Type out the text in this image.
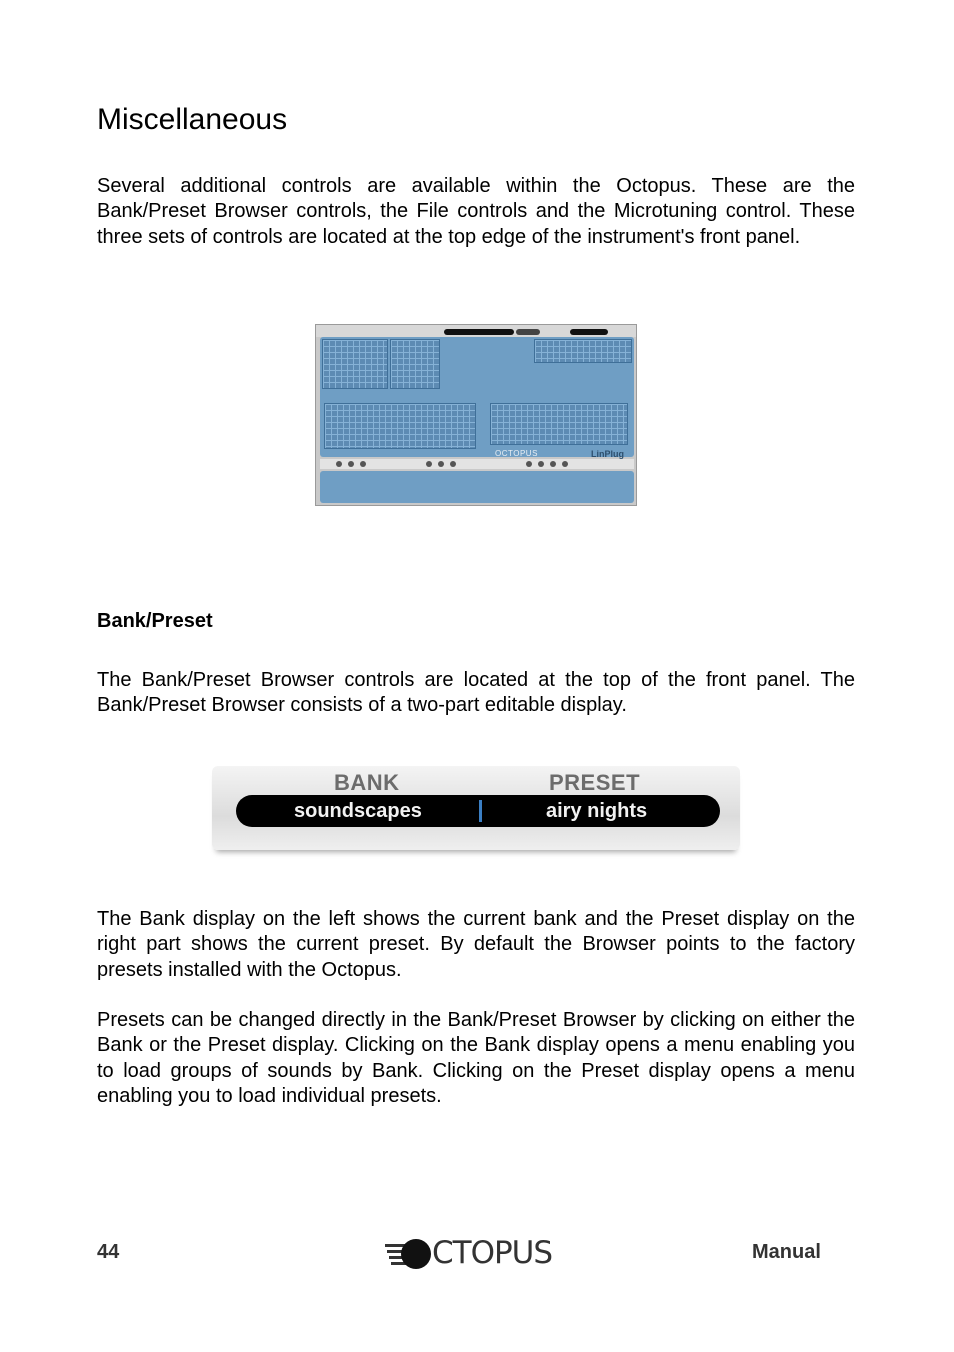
Miscellaneous

Several additional controls are available within the Octopus. These are the Bank/Preset Browser controls, the File controls and the Microtuning control. These three sets of controls are located at the top edge of the instrument's front panel.

OCTOPUS	LinPlug
Bank/Preset

The Bank/Preset Browser controls are located at the top of the front panel. The Bank/Preset Browser consists of a two-part editable display.

BANK	PRESET
soundscapes	airy nights

The Bank display on the left shows the current bank and the Preset display on the right part shows the current preset. By default the Browser points to the factory presets installed with the Octopus.

Presets can be changed directly in the Bank/Preset Browser by clicking on either the Bank or the Preset display. Clicking on the Bank display opens a menu enabling you to load groups of sounds by Bank. Clicking on the Preset display opens a menu enabling you to load individual presets.

44	CTOPUS	Manual
